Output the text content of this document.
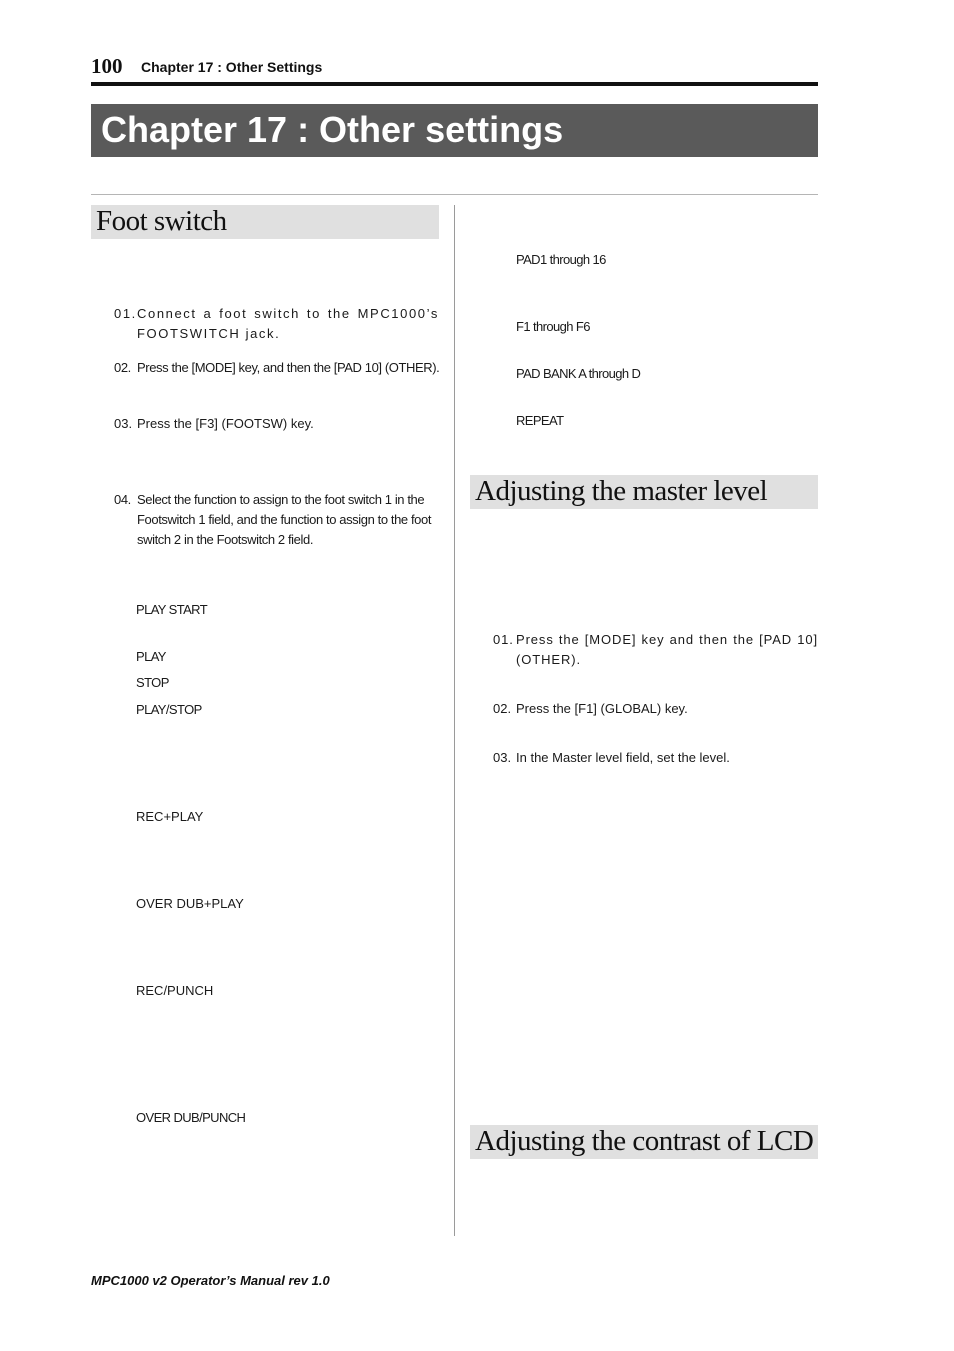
100 Chapter 17 : Other Settings
Chapter 17 : Other settings
Foot switch
01. Connect a foot switch to the MPC1000’s FOOTSWITCH jack.
02. Press the [MODE] key, and then the [PAD 10] (OTHER).
03. Press the [F3] (FOOTSW) key.
04. Select the function to assign to the foot switch 1 in the Footswitch 1 field, and the function to assign to the foot switch 2 in the Footswitch 2 field.
PLAY START
PLAY
STOP
PLAY/STOP
REC+PLAY
OVER DUB+PLAY
REC/PUNCH
OVER DUB/PUNCH
PAD1 through 16
F1 through F6
PAD BANK A through D
REPEAT
Adjusting the master level
01. Press the [MODE] key and then the [PAD 10] (OTHER).
02. Press the [F1] (GLOBAL) key.
03. In the Master level field, set the level.
Adjusting the contrast of LCD
MPC1000 v2 Operator’s Manual rev 1.0
